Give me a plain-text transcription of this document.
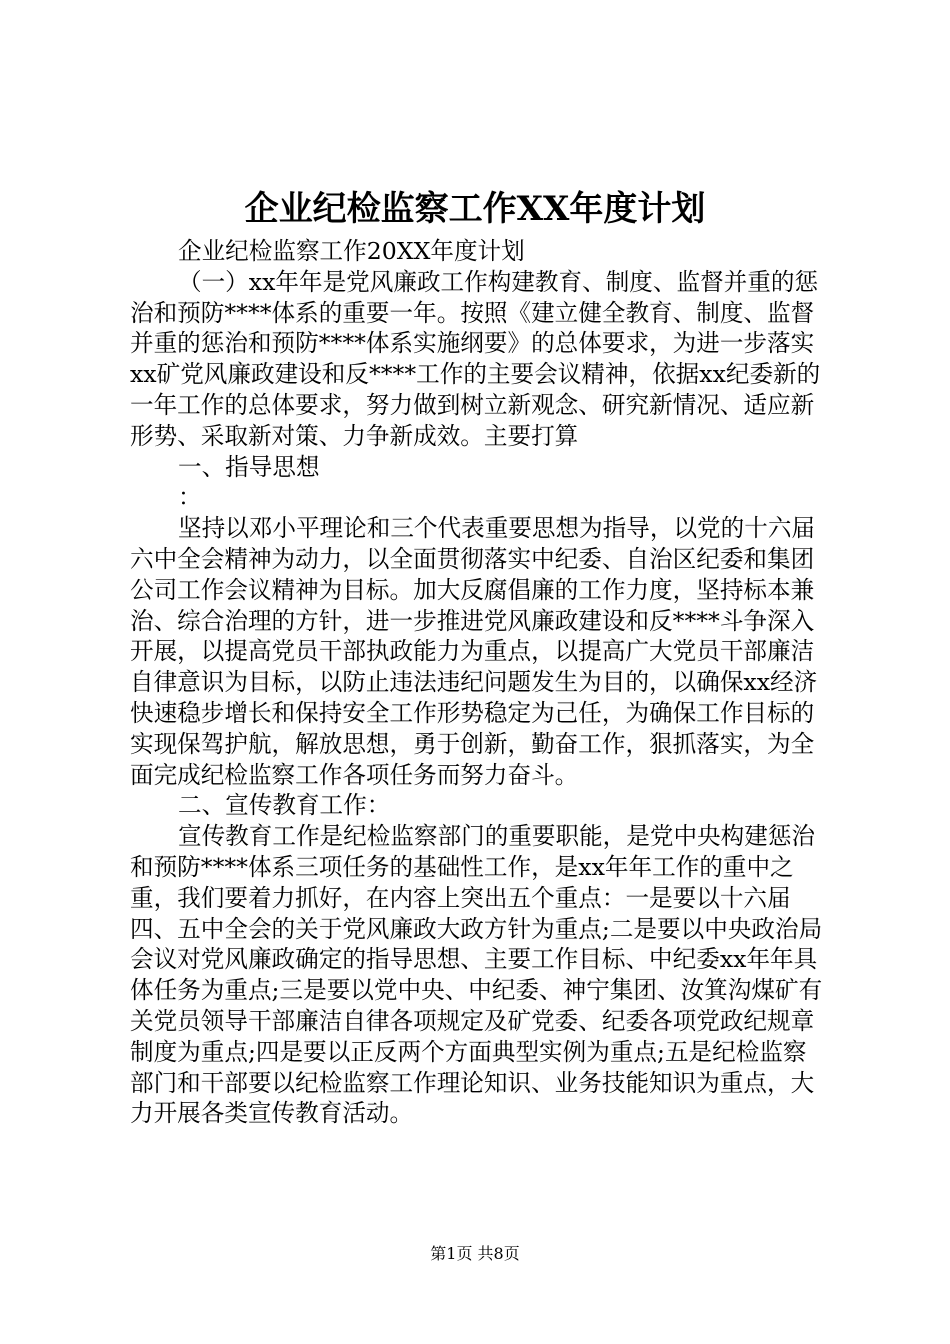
企业纪检监察工作XX年度计划

企业纪检监察工作20XX年度计划

（一）xx年年是党风廉政工作构建教育、制度、监督并重的惩治和预防****体系的重要一年。按照《建立健全教育、制度、监督并重的惩治和预防****体系实施纲要》的总体要求，为进一步落实xx矿党风廉政建设和反****工作的主要会议精神，依据xx纪委新的一年工作的总体要求，努力做到树立新观念、研究新情况、适应新形势、采取新对策、力争新成效。主要打算

一、指导思想

：

坚持以邓小平理论和三个代表重要思想为指导，以党的十六届六中全会精神为动力，以全面贯彻落实中纪委、自治区纪委和集团公司工作会议精神为目标。加大反腐倡廉的工作力度，坚持标本兼治、综合治理的方针，进一步推进党风廉政建设和反****斗争深入开展，以提高党员干部执政能力为重点，以提高广大党员干部廉洁自律意识为目标，以防止违法违纪问题发生为目的，以确保xx经济快速稳步增长和保持安全工作形势稳定为己任，为确保工作目标的实现保驾护航，解放思想，勇于创新，勤奋工作，狠抓落实，为全面完成纪检监察工作各项任务而努力奋斗。

二、宣传教育工作：

宣传教育工作是纪检监察部门的重要职能，是党中央构建惩治和预防****体系三项任务的基础性工作，是xx年年工作的重中之重，我们要着力抓好，在内容上突出五个重点：一是要以十六届四、五中全会的关于党风廉政大政方针为重点;二是要以中央政治局会议对党风廉政确定的指导思想、主要工作目标、中纪委xx年年具体任务为重点;三是要以党中央、中纪委、神宁集团、汝箕沟煤矿有关党员领导干部廉洁自律各项规定及矿党委、纪委各项党政纪规章制度为重点;四是要以正反两个方面典型实例为重点;五是纪检监察部门和干部要以纪检监察工作理论知识、业务技能知识为重点，大力开展各类宣传教育活动。

第1页 共8页
